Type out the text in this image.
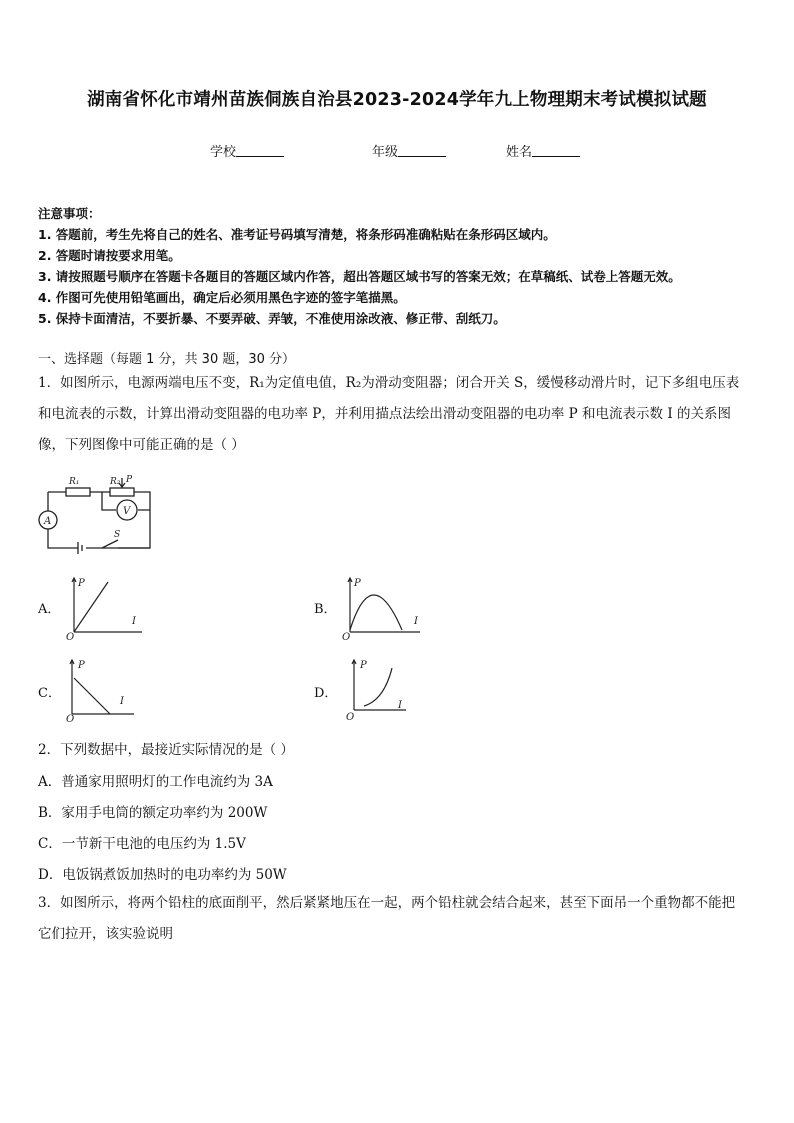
湖南省怀化市靖州苗族侗族自治县2023-2024学年九上物理期末考试模拟试题
学校	年级	姓名
注意事项：
1. 答题前，考生先将自己的姓名、准考证号码填写清楚，将条形码准确粘贴在条形码区域内。
2. 答题时请按要求用笔。
3. 请按照题号顺序在答题卡各题目的答题区域内作答，超出答题区域书写的答案无效；在草稿纸、试卷上答题无效。
4. 作图可先使用铅笔画出，确定后必须用黑色字迹的签字笔描黑。
5. 保持卡面清洁，不要折暴、不要弄破、弄皱，不准使用涂改液、修正带、刮纸刀。
一、选择题（每题 1 分，共 30 题，30 分）
1．如图所示，电源两端电压不变，R₁为定值电值，R₂为滑动变阻器；闭合开关 S，缓慢移动滑片时，记下多组电压表
和电流表的示数，计算出滑动变阻器的电功率 P，并利用描点法绘出滑动变阻器的电功率 P 和电流表示数 I 的关系图
像，下列图像中可能正确的是（ ）
R₁	R₂ P
V
A
S
A．
P
I
O
B．
P
I
O
C．
P
I
O
D．
P
I
O
2．下列数据中，最接近实际情况的是（ ）
A．普通家用照明灯的工作电流约为 3A
B．家用手电筒的额定功率约为 200W
C．一节新干电池的电压约为 1.5V
D．电饭锅煮饭加热时的电功率约为 50W
3．如图所示，将两个铅柱的底面削平，然后紧紧地压在一起，两个铅柱就会结合起来，甚至下面吊一个重物都不能把
它们拉开，该实验说明
